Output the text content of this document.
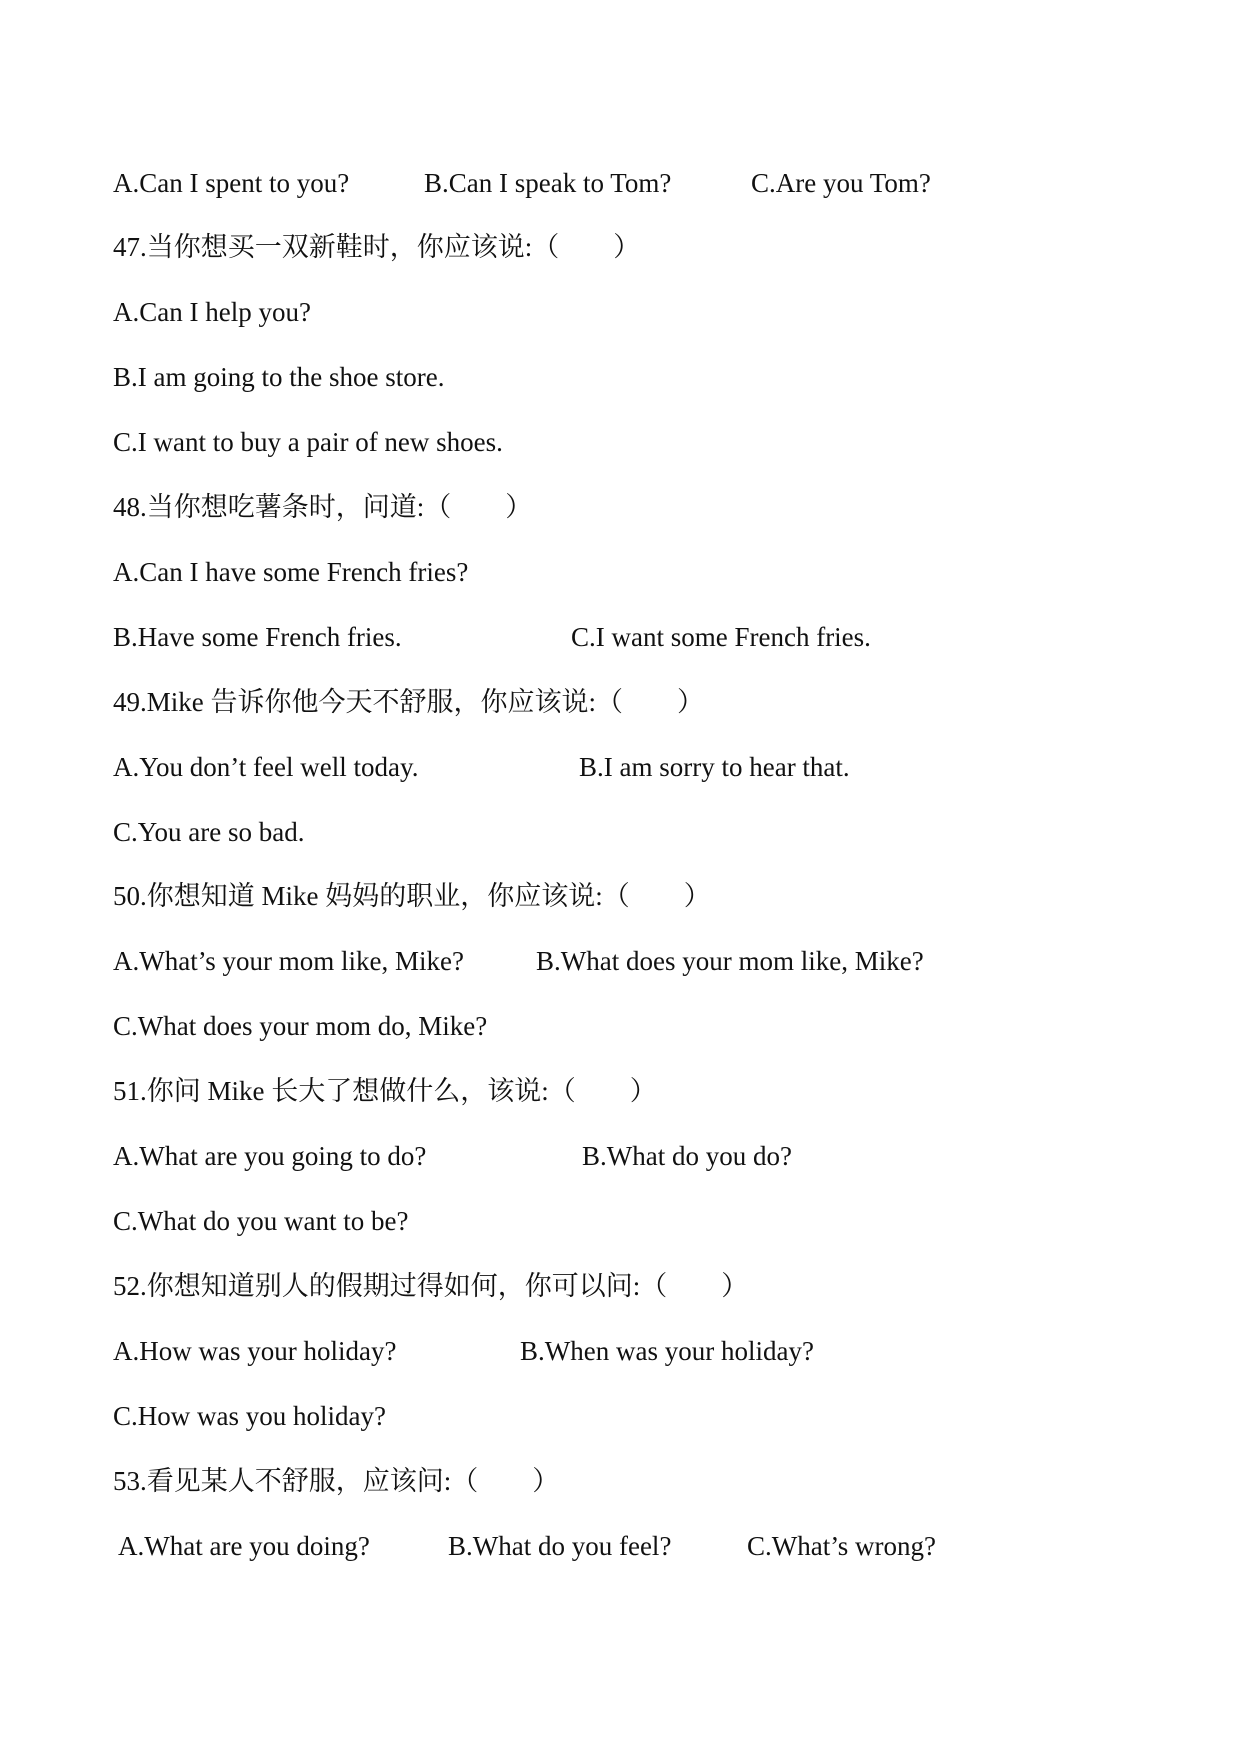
A.Can I spent to you?	B.Can I speak to Tom?	C.Are you Tom?
47.当你想买一双新鞋时，你应该说:（　　）
A.Can I help you?
B.I am going to the shoe store.
C.I want to buy a pair of new shoes.
48.当你想吃薯条时，问道:（　　）
A.Can I have some French fries?
B.Have some French fries.	C.I want some French fries.
49.Mike 告诉你他今天不舒服，你应该说:（　　）
A.You don’t feel well today.	B.I am sorry to hear that.
C.You are so bad.
50.你想知道 Mike 妈妈的职业，你应该说:（　　）
A.What’s your mom like, Mike?	B.What does your mom like, Mike?
C.What does your mom do, Mike?
51.你问 Mike 长大了想做什么，该说:（　　）
A.What are you going to do?	B.What do you do?
C.What do you want to be?
52.你想知道别人的假期过得如何，你可以问:（　　）
A.How was your holiday?	B.When was your holiday?
C.How was you holiday?
53.看见某人不舒服，应该问:（　　）
A.What are you doing?	B.What do you feel?	C.What’s wrong?
